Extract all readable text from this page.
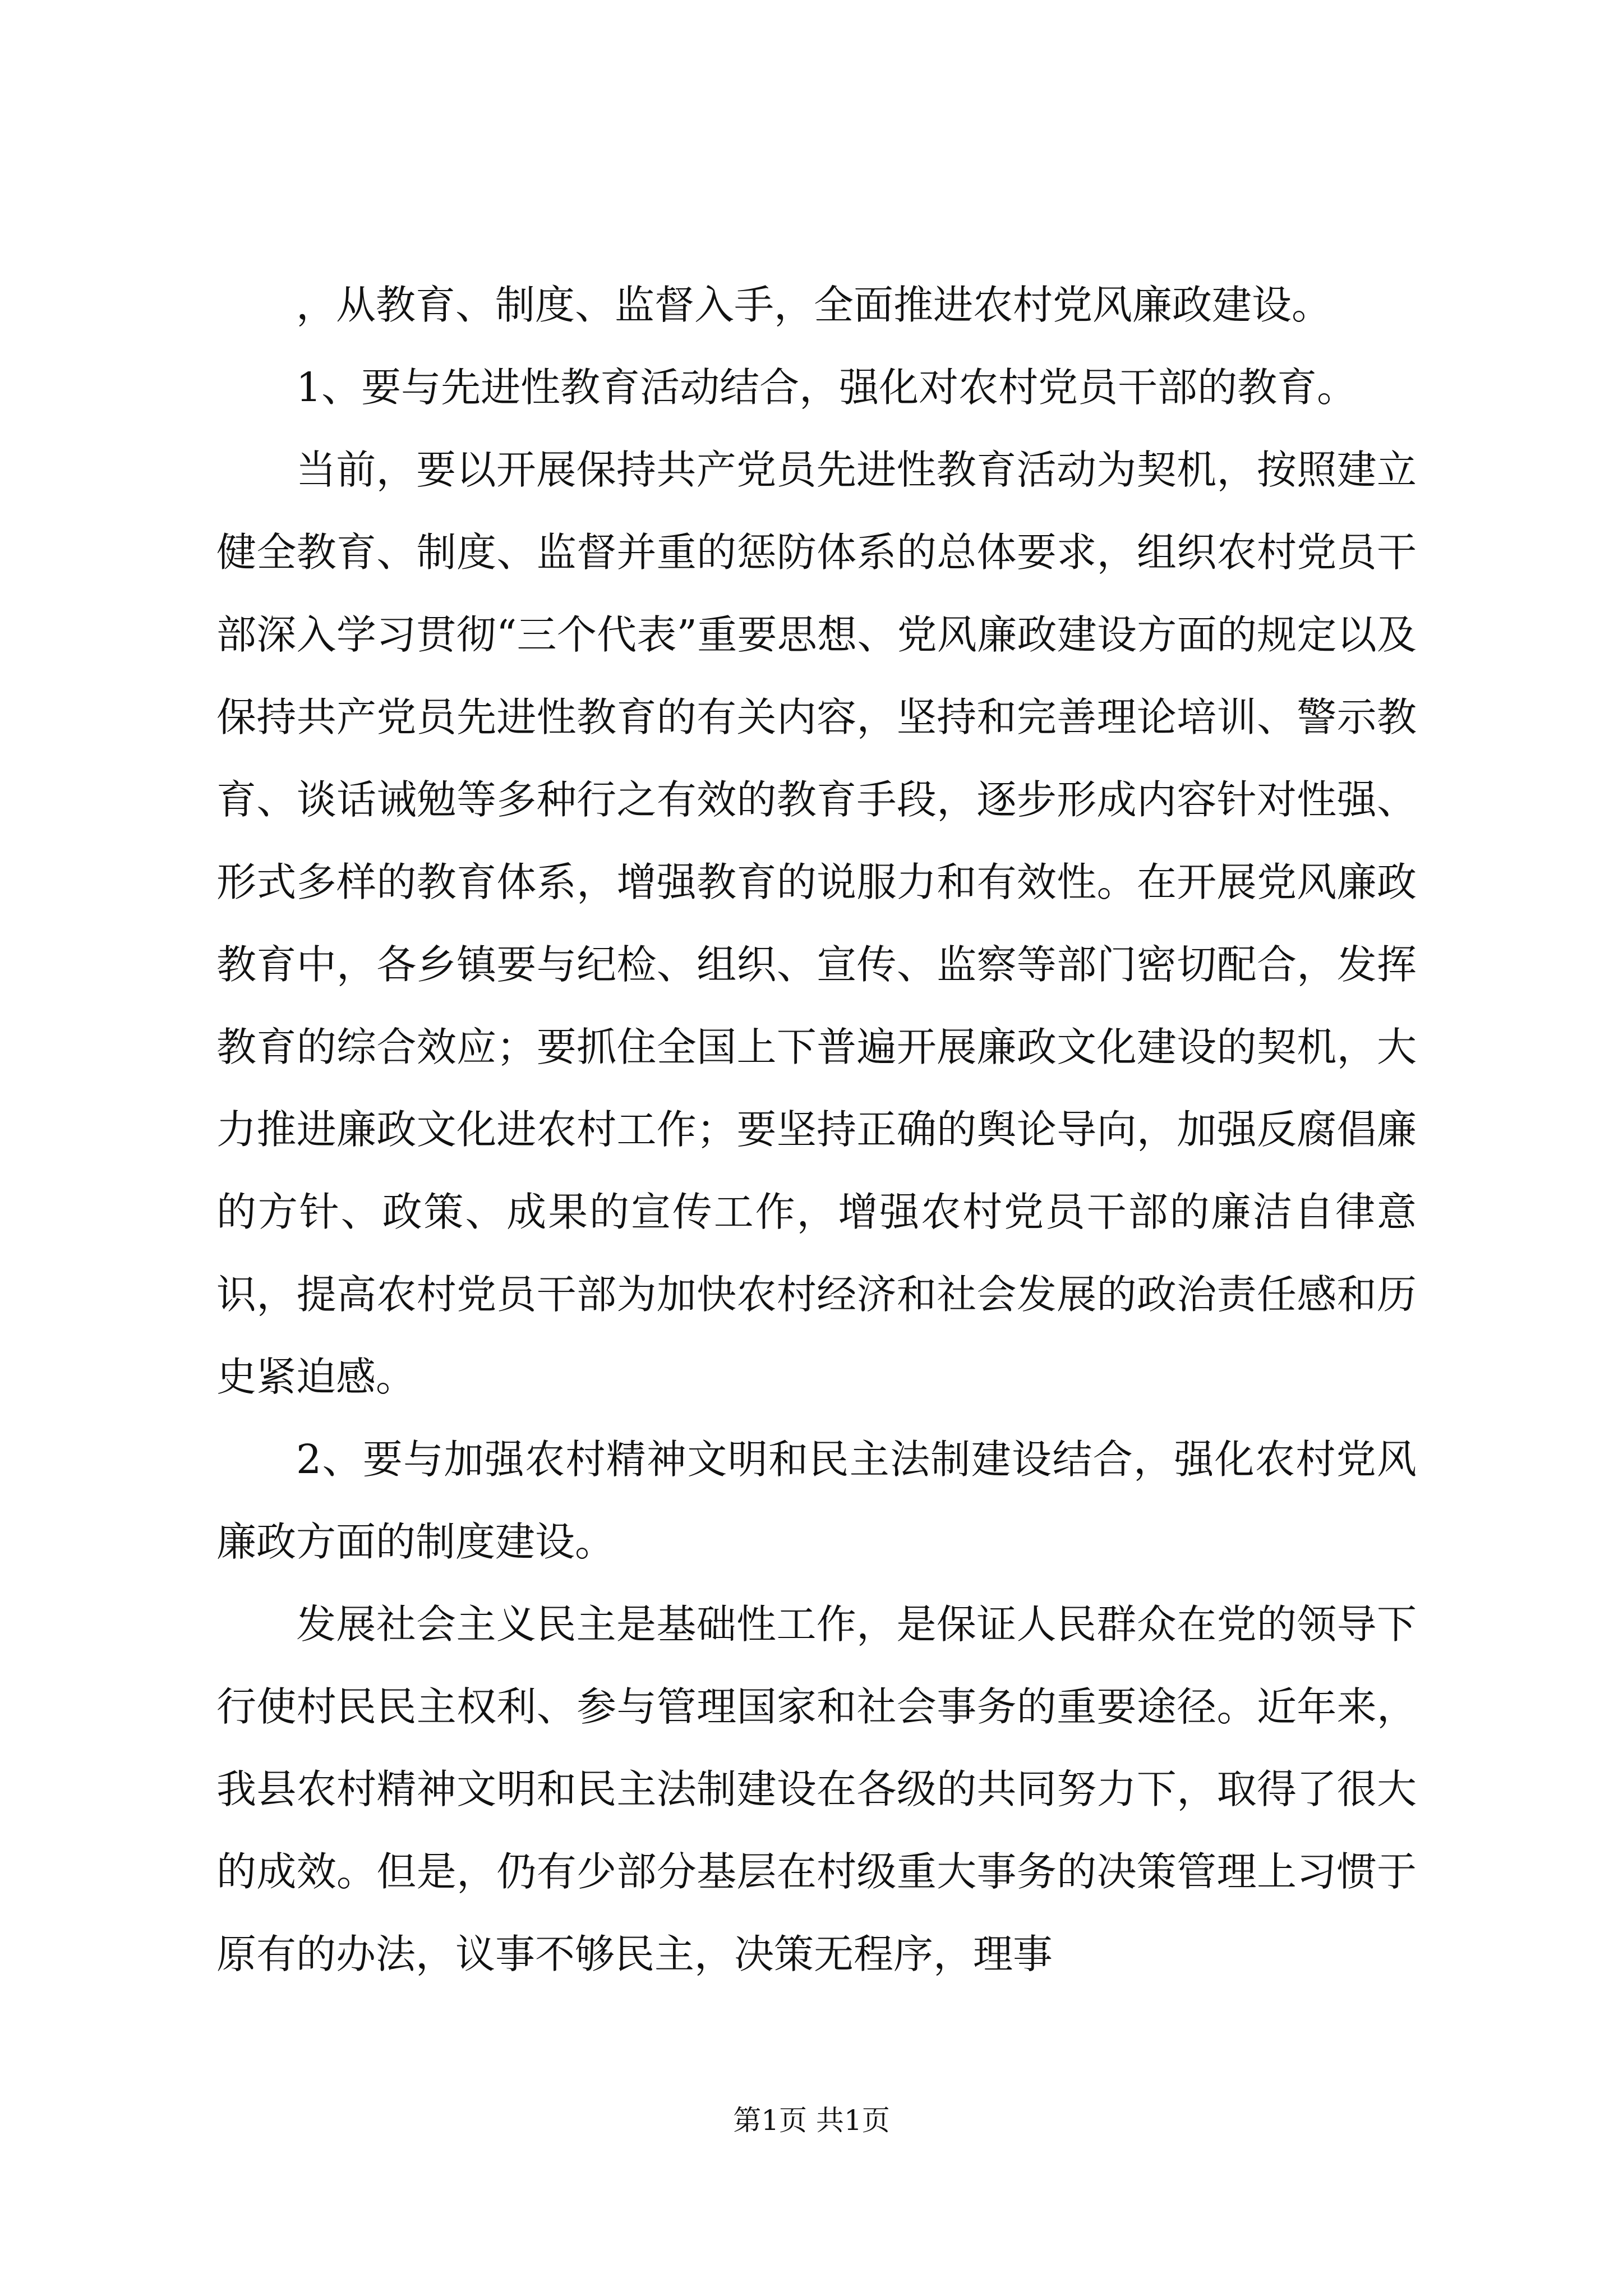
，从教育、制度、监督入手，全面推进农村党风廉政建设。

1、要与先进性教育活动结合，强化对农村党员干部的教育。

当前，要以开展保持共产党员先进性教育活动为契机，按照建立健全教育、制度、监督并重的惩防体系的总体要求，组织农村党员干部深入学习贯彻“三个代表”重要思想、党风廉政建设方面的规定以及保持共产党员先进性教育的有关内容，坚持和完善理论培训、警示教育、谈话诫勉等多种行之有效的教育手段，逐步形成内容针对性强、形式多样的教育体系，增强教育的说服力和有效性。在开展党风廉政教育中，各乡镇要与纪检、组织、宣传、监察等部门密切配合，发挥教育的综合效应；要抓住全国上下普遍开展廉政文化建设的契机，大力推进廉政文化进农村工作；要坚持正确的舆论导向，加强反腐倡廉的方针、政策、成果的宣传工作，增强农村党员干部的廉洁自律意识，提高农村党员干部为加快农村经济和社会发展的政治责任感和历史紧迫感。

2、要与加强农村精神文明和民主法制建设结合，强化农村党风廉政方面的制度建设。

发展社会主义民主是基础性工作，是保证人民群众在党的领导下行使村民民主权利、参与管理国家和社会事务的重要途径。近年来，我县农村精神文明和民主法制建设在各级的共同努力下，取得了很大的成效。但是，仍有少部分基层在村级重大事务的决策管理上习惯于原有的办法，议事不够民主，决策无程序，理事

第1页 共1页
